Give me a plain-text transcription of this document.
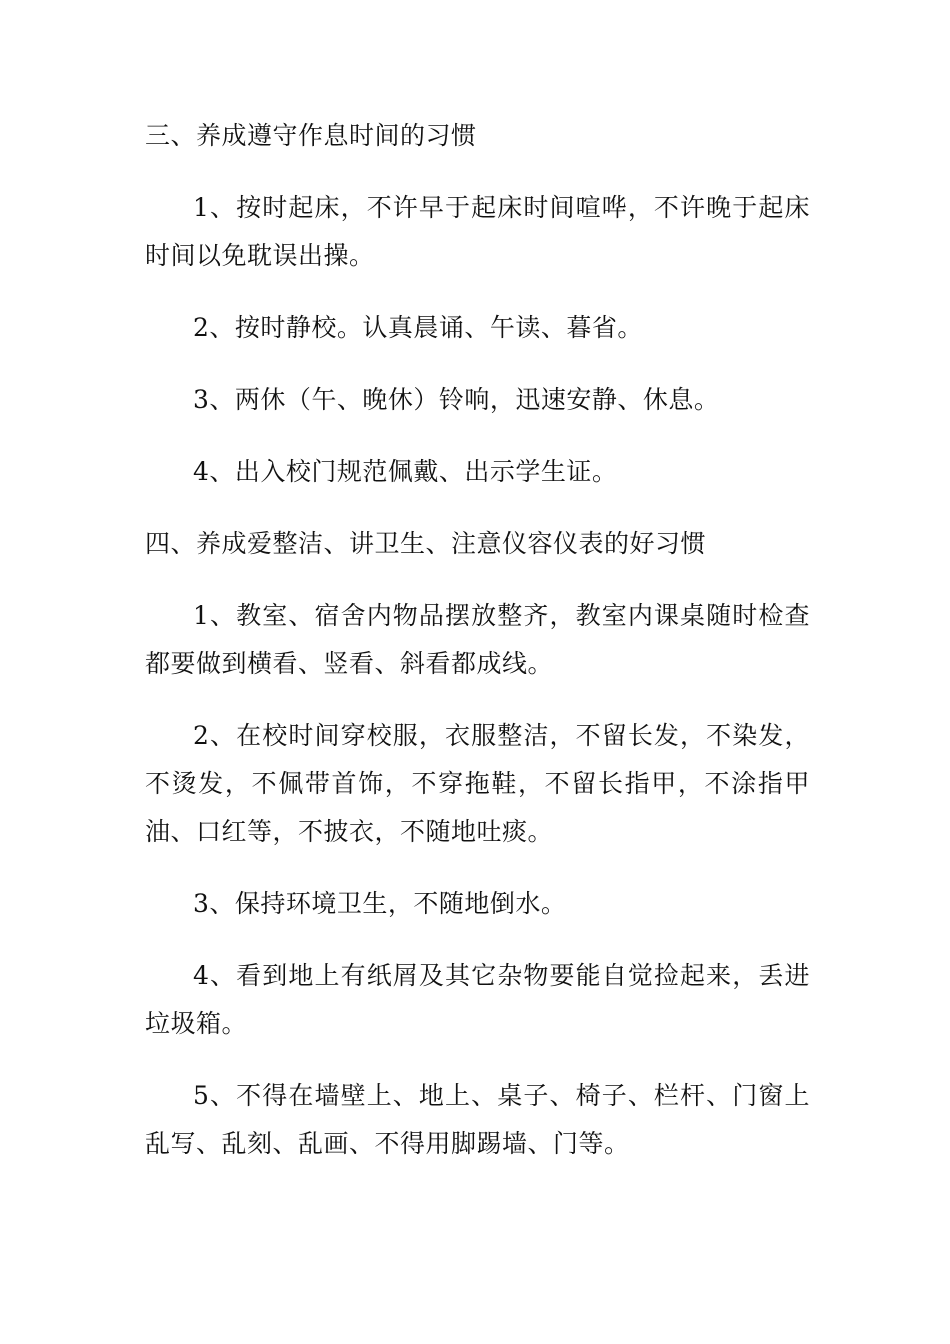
三、养成遵守作息时间的习惯

1、按时起床，不许早于起床时间喧哗，不许晚于起床时间以免耽误出操。

2、按时静校。认真晨诵、午读、暮省。

3、两休（午、晚休）铃响，迅速安静、休息。

4、出入校门规范佩戴、出示学生证。

四、养成爱整洁、讲卫生、注意仪容仪表的好习惯

1、教室、宿舍内物品摆放整齐，教室内课桌随时检查都要做到横看、竖看、斜看都成线。

2、在校时间穿校服，衣服整洁，不留长发，不染发，不烫发，不佩带首饰，不穿拖鞋，不留长指甲，不涂指甲油、口红等，不披衣，不随地吐痰。

3、保持环境卫生，不随地倒水。

4、看到地上有纸屑及其它杂物要能自觉捡起来，丢进垃圾箱。

5、不得在墙壁上、地上、桌子、椅子、栏杆、门窗上乱写、乱刻、乱画、不得用脚踢墙、门等。
